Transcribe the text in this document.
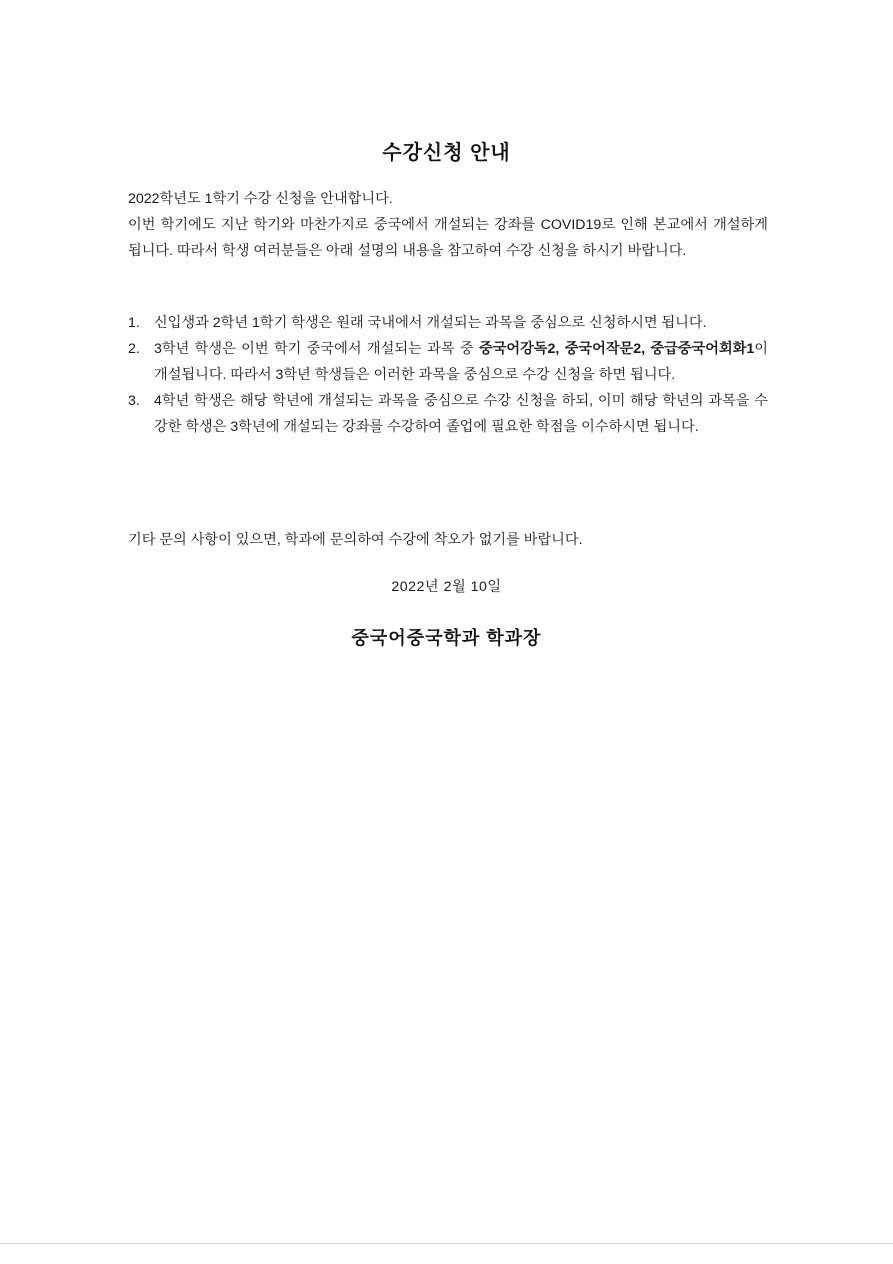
수강신청 안내

2022학년도 1학기 수강 신청을 안내합니다.

이번 학기에도 지난 학기와 마찬가지로 중국에서 개설되는 강좌를 COVID19로 인해 본교에서 개설하게 됩니다. 따라서 학생 여러분들은 아래 설명의 내용을 참고하여 수강 신청을 하시기 바랍니다.

1. 신입생과 2학년 1학기 학생은 원래 국내에서 개설되는 과목을 중심으로 신청하시면 됩니다.
2. 3학년 학생은 이번 학기 중국에서 개설되는 과목 중 중국어강독2, 중국어작문2, 중급중국어회화1이 개설됩니다. 따라서 3학년 학생들은 이러한 과목을 중심으로 수강 신청을 하면 됩니다.
3. 4학년 학생은 해당 학년에 개설되는 과목을 중심으로 수강 신청을 하되, 이미 해당 학년의 과목을 수강한 학생은 3학년에 개설되는 강좌를 수강하여 졸업에 필요한 학점을 이수하시면 됩니다.
기타 문의 사항이 있으면, 학과에 문의하여 수강에 착오가 없기를 바랍니다.
2022년 2월 10일
중국어중국학과 학과장
